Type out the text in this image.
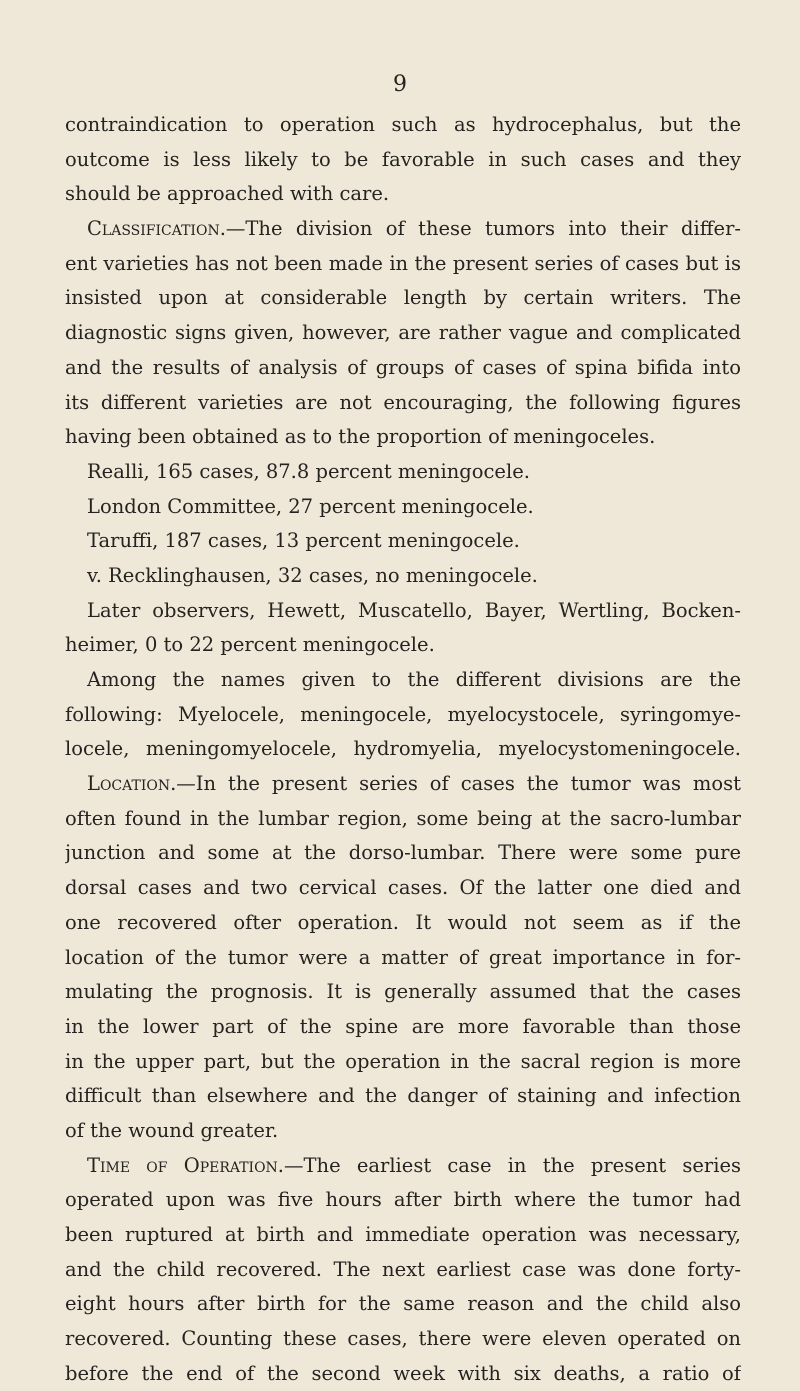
9
contraindication to operation such as hydrocephalus, but the
outcome is less likely to be favorable in such cases and they
should be approached with care.
Classification.—The division of these tumors into their differ-
ent varieties has not been made in the present series of cases but is
insisted upon at considerable length by certain writers. The
diagnostic signs given, however, are rather vague and complicated
and the results of analysis of groups of cases of spina bifida into
its different varieties are not encouraging, the following figures
having been obtained as to the proportion of meningoceles.
Realli, 165 cases, 87.8 percent meningocele.
London Committee, 27 percent meningocele.
Taruffi, 187 cases, 13 percent meningocele.
v. Recklinghausen, 32 cases, no meningocele.
Later observers, Hewett, Muscatello, Bayer, Wertling, Bocken-
heimer, 0 to 22 percent meningocele.
Among the names given to the different divisions are the
following: Myelocele, meningocele, myelocystocele, syringomye-
locele, meningomyelocele, hydromyelia, myelocystomeningocele.
Location.—In the present series of cases the tumor was most
often found in the lumbar region, some being at the sacro-lumbar
junction and some at the dorso-lumbar. There were some pure
dorsal cases and two cervical cases. Of the latter one died and
one recovered ofter operation. It would not seem as if the
location of the tumor were a matter of great importance in for-
mulating the prognosis. It is generally assumed that the cases
in the lower part of the spine are more favorable than those
in the upper part, but the operation in the sacral region is more
difficult than elsewhere and the danger of staining and infection
of the wound greater.
Time of Operation.—The earliest case in the present series
operated upon was five hours after birth where the tumor had
been ruptured at birth and immediate operation was necessary,
and the child recovered. The next earliest case was done forty-
eight hours after birth for the same reason and the child also
recovered. Counting these cases, there were eleven operated on
before the end of the second week with six deaths, a ratio of
